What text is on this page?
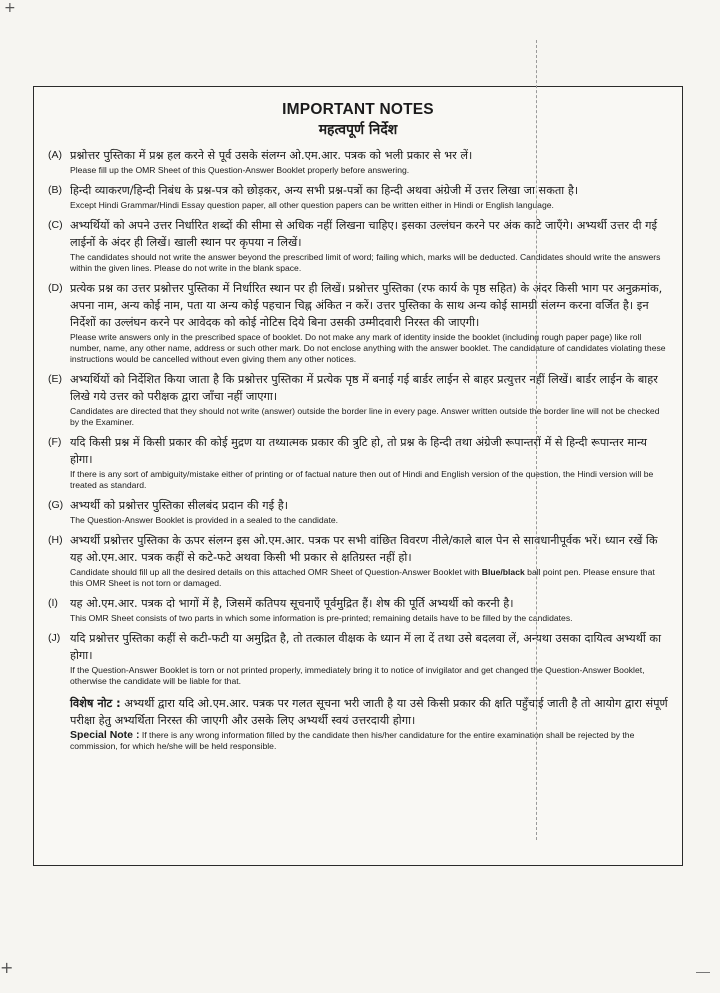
+
+
IMPORTANT NOTES
महत्वपूर्ण निर्देश
(A) प्रश्नोत्तर पुस्तिका में प्रश्न हल करने से पूर्व उसके संलग्न ओ.एम.आर. पत्रक को भली प्रकार से भर लें।
Please fill up the OMR Sheet of this Question-Answer Booklet properly before answering.
(B) हिन्दी व्याकरण/हिन्दी निबंध के प्रश्न-पत्र को छोड़कर, अन्य सभी प्रश्न-पत्रों का हिन्दी अथवा अंग्रेजी में उत्तर लिखा जा सकता है।
Except Hindi Grammar/Hindi Essay question paper, all other question papers can be written either in Hindi or English language.
(C) अभ्यर्थियों को अपने उत्तर निर्धारित शब्दों की सीमा से अधिक नहीं लिखना चाहिए। इसका उल्लंघन करने पर अंक काटे जाएँगे। अभ्यर्थी उत्तर दी गई लाईनों के अंदर ही लिखें। खाली स्थान पर कृपया न लिखें।
The candidates should not write the answer beyond the prescribed limit of word; failing which, marks will be deducted. Candidates should write the answers within the given lines. Please do not write in the blank space.
(D) प्रत्येक प्रश्न का उत्तर प्रश्नोत्तर पुस्तिका में निर्धारित स्थान पर ही लिखें। प्रश्नोत्तर पुस्तिका (रफ कार्य के पृष्ठ सहित) के अंदर किसी भाग पर अनुक्रमांक, अपना नाम, अन्य कोई नाम, पता या अन्य कोई पहचान चिह्न अंकित न करें। उत्तर पुस्तिका के साथ अन्य कोई सामग्री संलग्न करना वर्जित है। इन निर्देशों का उल्लंघन करने पर आवेदक को कोई नोटिस दिये बिना उसकी उम्मीदवारी निरस्त की जाएगी।
Please write answers only in the prescribed space of booklet. Do not make any mark of identity inside the booklet (including rough paper page) like roll number, name, any other name, address or such other mark. Do not enclose anything with the answer booklet. The candidature of candidates violating these instructions would be cancelled without even giving them any other notices.
(E) अभ्यर्थियों को निर्देशित किया जाता है कि प्रश्नोत्तर पुस्तिका में प्रत्येक पृष्ठ में बनाई गई बार्डर लाईन से बाहर प्रत्युत्तर नहीं लिखें। बार्डर लाईन के बाहर लिखे गये उत्तर को परीक्षक द्वारा जाँचा नहीं जाएगा।
Candidates are directed that they should not write (answer) outside the border line in every page. Answer written outside the border line will not be checked by the Examiner.
(F) यदि किसी प्रश्न में किसी प्रकार की कोई मुद्रण या तथ्यात्मक प्रकार की त्रुटि हो, तो प्रश्न के हिन्दी तथा अंग्रेजी रूपान्तरों में से हिन्दी रूपान्तर मान्य होगा।
If there is any sort of ambiguity/mistake either of printing or of factual nature then out of Hindi and English version of the question, the Hindi version will be treated as standard.
(G) अभ्यर्थी को प्रश्नोत्तर पुस्तिका सीलबंद प्रदान की गई है।
The Question-Answer Booklet is provided in a sealed to the candidate.
(H) अभ्यर्थी प्रश्नोत्तर पुस्तिका के ऊपर संलग्न इस ओ.एम.आर. पत्रक पर सभी वांछित विवरण नीले/काले बाल पेन से सावधानीपूर्वक भरें। ध्यान रखें कि यह ओ.एम.आर. पत्रक कहीं से कटे-फटे अथवा किसी भी प्रकार से क्षतिग्रस्त नहीं हो।
Candidate should fill up all the desired details on this attached OMR Sheet of Question-Answer Booklet with Blue/black ball point pen. Please ensure that this OMR Sheet is not torn or damaged.
(I)	यह ओ.एम.आर. पत्रक दो भागों में है, जिसमें कतिपय सूचनाएँ पूर्वमुद्रित हैं। शेष की पूर्ति अभ्यर्थी को करनी है।
This OMR Sheet consists of two parts in which some information is pre-printed; remaining details have to be filled by the candidates.
(J) यदि प्रश्नोत्तर पुस्तिका कहीं से कटी-फटी या अमुद्रित है, तो तत्काल वीक्षक के ध्यान में ला दें तथा उसे बदलवा लें, अन्यथा उसका दायित्व अभ्यर्थी का होगा।
If the Question-Answer Booklet is torn or not printed properly, immediately bring it to notice of invigilator and get changed the Question-Answer Booklet, otherwise the candidate will be liable for that.
विशेष नोट : अभ्यर्थी द्वारा यदि ओ.एम.आर. पत्रक पर गलत सूचना भरी जाती है या उसे किसी प्रकार की क्षति पहुँचाई जाती है तो आयोग द्वारा संपूर्ण परीक्षा हेतु अभ्यर्थिता निरस्त की जाएगी और उसके लिए अभ्यर्थी स्वयं उत्तरदायी होगा।
Special Note : If there is any wrong information filled by the candidate then his/her candidature for the entire examination shall be rejected by the commission, for which he/she will be held responsible.
